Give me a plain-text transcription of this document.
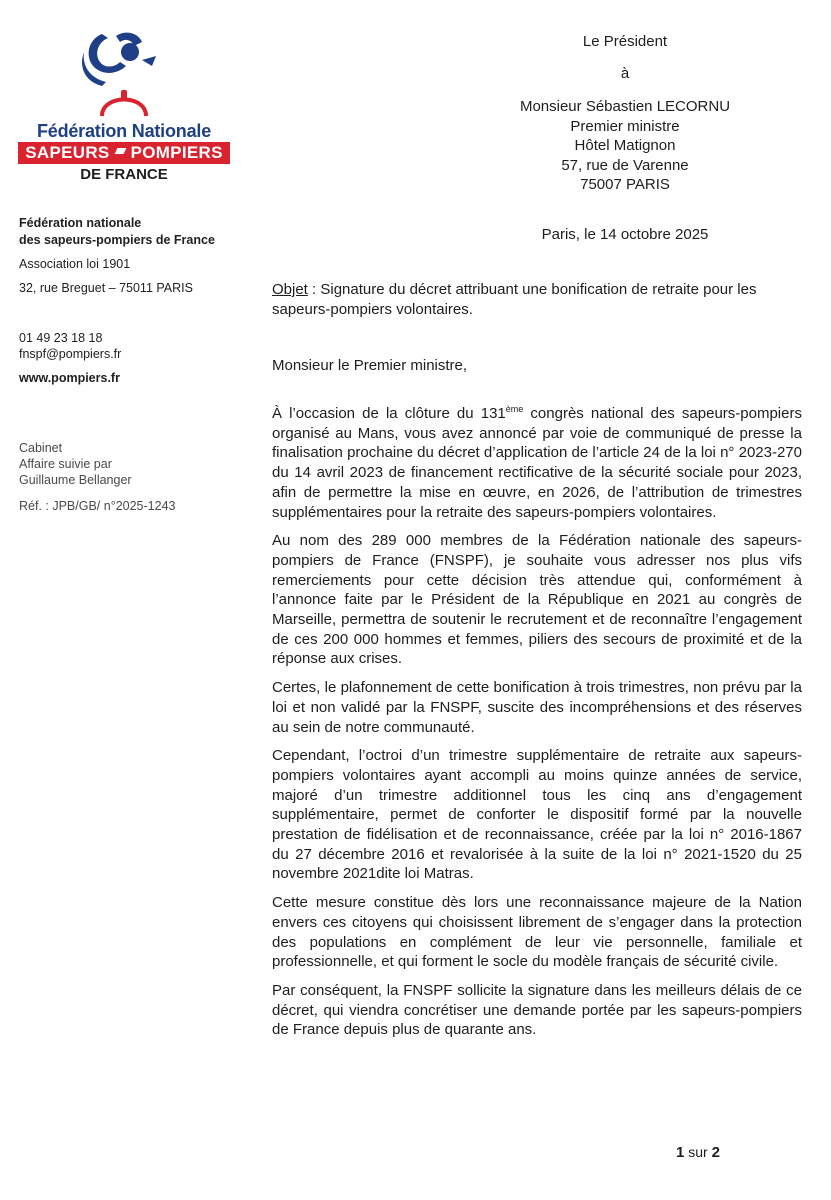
Fédération Nationale
SAPEURS POMPIERS
DE FRANCE
Fédération nationale
des sapeurs-pompiers de France
Association loi 1901
32, rue Breguet – 75011 PARIS
01 49 23 18 18
fnspf@pompiers.fr
www.pompiers.fr
Cabinet
Affaire suivie par
Guillaume Bellanger
Réf. : JPB/GB/ n°2025-1243
Le Président
à
Monsieur Sébastien LECORNU
Premier ministre
Hôtel Matignon
57, rue de Varenne
75007 PARIS
Paris, le 14 octobre 2025
Objet : Signature du décret attribuant une bonification de retraite pour les sapeurs-pompiers volontaires.
Monsieur le Premier ministre,

À l’occasion de la clôture du 131ème congrès national des sapeurs-pompiers organisé au Mans, vous avez annoncé par voie de communiqué de presse la finalisation prochaine du décret d’application de l’article 24 de la loi n° 2023-270 du 14 avril 2023 de financement rectificative de la sécurité sociale pour 2023, afin de permettre la mise en œuvre, en 2026, de l’attribution de trimestres supplémentaires pour la retraite des sapeurs-pompiers volontaires.

Au nom des 289 000 membres de la Fédération nationale des sapeurs-pompiers de France (FNSPF), je souhaite vous adresser nos plus vifs remerciements pour cette décision très attendue qui, conformément à l’annonce faite par le Président de la République en 2021 au congrès de Marseille, permettra de soutenir le recrutement et de reconnaître l’engagement de ces 200 000 hommes et femmes, piliers des secours de proximité et de la réponse aux crises.

Certes, le plafonnement de cette bonification à trois trimestres, non prévu par la loi et non validé par la FNSPF, suscite des incompréhensions et des réserves au sein de notre communauté.

Cependant, l’octroi d’un trimestre supplémentaire de retraite aux sapeurs-pompiers volontaires ayant accompli au moins quinze années de service, majoré d’un trimestre additionnel tous les cinq ans d’engagement supplémentaire, permet de conforter le dispositif formé par la nouvelle prestation de fidélisation et de reconnaissance, créée par la loi n° 2016-1867 du 27 décembre 2016 et revalorisée à la suite de la loi n° 2021-1520 du 25 novembre 2021dite loi Matras.

Cette mesure constitue dès lors une reconnaissance majeure de la Nation envers ces citoyens qui choisissent librement de s’engager dans la protection des populations en complément de leur vie personnelle, familiale et professionnelle, et qui forment le socle du modèle français de sécurité civile.

Par conséquent, la FNSPF sollicite la signature dans les meilleurs délais de ce décret, qui viendra concrétiser une demande portée par les sapeurs-pompiers de France depuis plus de quarante ans.

1 sur 2
